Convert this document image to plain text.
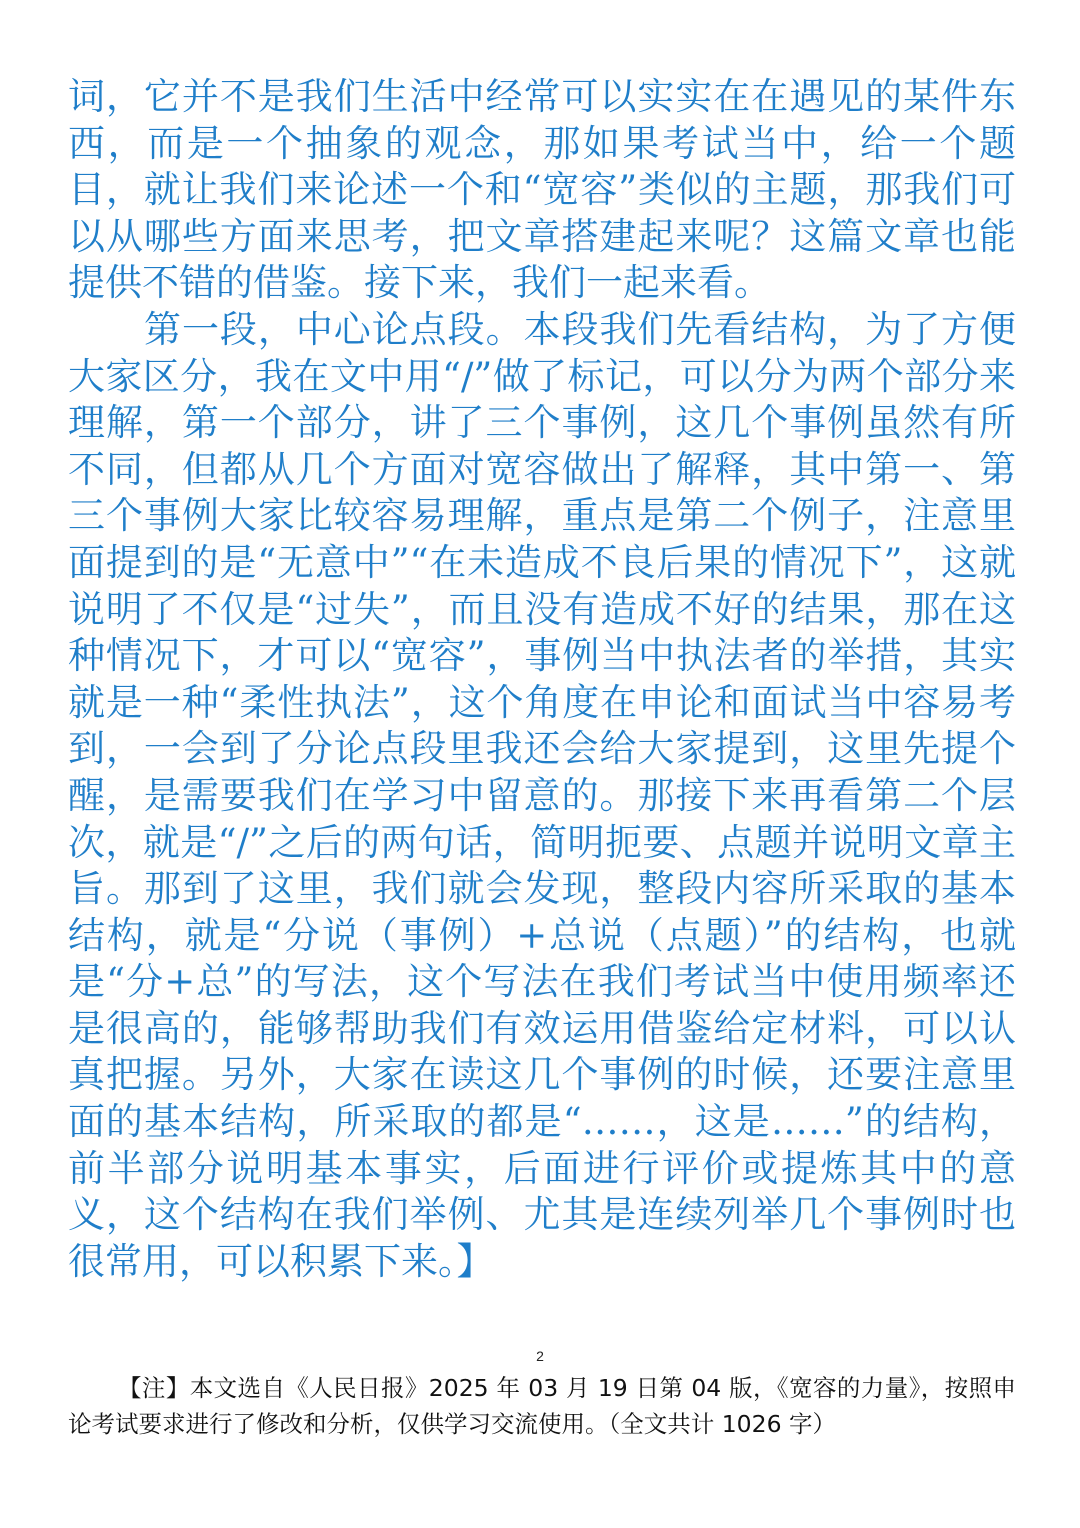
词，它并不是我们生活中经常可以实实在在遇见的某件东西，而是一个抽象的观念，那如果考试当中，给一个题目，就让我们来论述一个和“宽容”类似的主题，那我们可以从哪些方面来思考，把文章搭建起来呢？这篇文章也能提供不错的借鉴。接下来，我们一起来看。

第一段，中心论点段。本段我们先看结构，为了方便大家区分，我在文中用“/”做了标记，可以分为两个部分来理解，第一个部分，讲了三个事例，这几个事例虽然有所不同，但都从几个方面对宽容做出了解释，其中第一、第三个事例大家比较容易理解，重点是第二个例子，注意里面提到的是“无意中”“在未造成不良后果的情况下”，这就说明了不仅是“过失”，而且没有造成不好的结果，那在这种情况下，才可以“宽容”，事例当中执法者的举措，其实就是一种“柔性执法”，这个角度在申论和面试当中容易考到，一会到了分论点段里我还会给大家提到，这里先提个醒，是需要我们在学习中留意的。那接下来再看第二个层次，就是“/”之后的两句话，简明扼要、点题并说明文章主旨。那到了这里，我们就会发现，整段内容所采取的基本结构，就是“分说（事例）+总说（点题）”的结构，也就是“分+总”的写法，这个写法在我们考试当中使用频率还是很高的，能够帮助我们有效运用借鉴给定材料，可以认真把握。另外，大家在读这几个事例的时候，还要注意里面的基本结构，所采取的都是“……，这是……”的结构，前半部分说明基本事实，后面进行评价或提炼其中的意义，这个结构在我们举例、尤其是连续列举几个事例时也很常用，可以积累下来。】

2
【注】本文选自《人民日报》2025 年 03 月 19 日第 04 版，《宽容的力量》，按照申论考试要求进行了修改和分析，仅供学习交流使用。（全文共计 1026 字）
